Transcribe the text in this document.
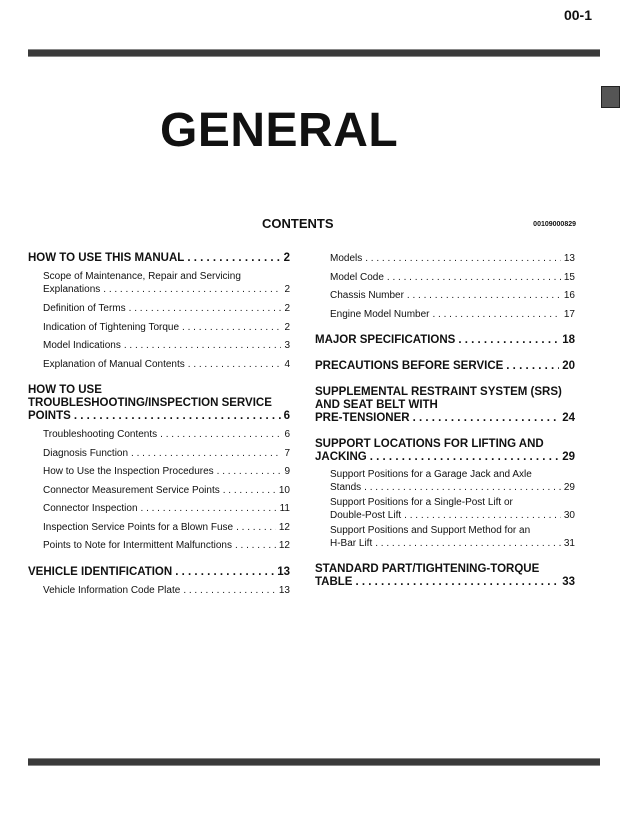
00-1
GENERAL
CONTENTS	00109000829
HOW TO USE THIS MANUAL . . .	2
Scope of Maintenance, Repair and Servicing
Explanations . . .	2
Definition of Terms . . .	2
Indication of Tightening Torque . . .	2
Model Indications . . .	3
Explanation of Manual Contents . . .	4
HOW TO USE
TROUBLESHOOTING/INSPECTION SERVICE
POINTS . . .	6
Troubleshooting Contents . . .	6
Diagnosis Function . . .	7
How to Use the Inspection Procedures . . .	9
Connector Measurement Service Points . . .	10
Connector Inspection . . .	11
Inspection Service Points for a Blown Fuse . . .	12
Points to Note for Intermittent Malfunctions . . .	12
VEHICLE IDENTIFICATION . . .	13
Vehicle Information Code Plate . . .	13
Models . . .	13
Model Code . . .	15
Chassis Number . . .	16
Engine Model Number . . .	17
MAJOR SPECIFICATIONS . . .	18
PRECAUTIONS BEFORE SERVICE . . .	20
SUPPLEMENTAL RESTRAINT SYSTEM (SRS)
AND SEAT BELT WITH
PRE-TENSIONER . . .	24
SUPPORT LOCATIONS FOR LIFTING AND
JACKING . . .	29
Support Positions for a Garage Jack and Axle
Stands . . .	29
Support Positions for a Single-Post Lift or
Double-Post Lift . . .	30
Support Positions and Support Method for an
H-Bar Lift . . .	31
STANDARD PART/TIGHTENING-TORQUE
TABLE . . .	33
